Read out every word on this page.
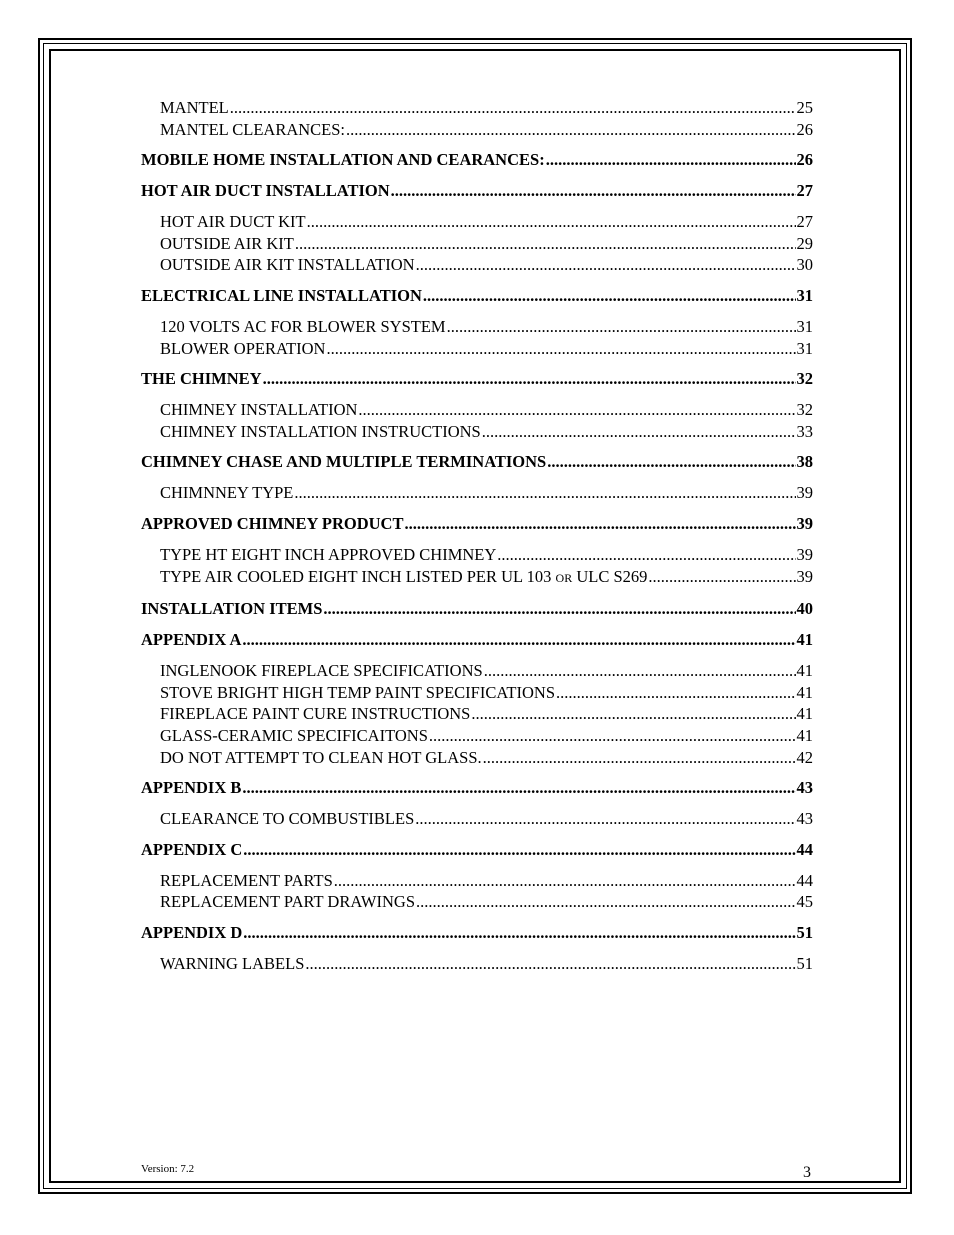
MANTEL .....	25
MANTEL CLEARANCES: .....	26
MOBILE HOME INSTALLATION AND CEARANCES: .....	26
HOT AIR DUCT INSTALLATION .....	27
HOT AIR DUCT KIT .....	27
OUTSIDE AIR KIT .....	29
OUTSIDE AIR KIT INSTALLATION .....	30
ELECTRICAL LINE INSTALLATION .....	31
120 VOLTS AC FOR BLOWER SYSTEM .....	31
BLOWER OPERATION .....	31
THE CHIMNEY .....	32
CHIMNEY INSTALLATION .....	32
CHIMNEY INSTALLATION INSTRUCTIONS .....	33
CHIMNEY CHASE AND MULTIPLE TERMINATIONS .....	38
CHIMNNEY TYPE .....	39
APPROVED CHIMNEY PRODUCT .....	39
TYPE HT EIGHT INCH APPROVED CHIMNEY .....	39
TYPE AIR COOLED EIGHT INCH LISTED PER UL 103 OR ULC S269 .....	39
INSTALLATION ITEMS .....	40
APPENDIX A .....	41
INGLENOOK FIREPLACE SPECIFICATIONS .....	41
STOVE BRIGHT HIGH TEMP PAINT SPECIFICATIONS .....	41
FIREPLACE PAINT CURE INSTRUCTIONS .....	41
GLASS-CERAMIC SPECIFICAITONS .....	41
DO NOT ATTEMPT TO CLEAN HOT GLASS. .....	42
APPENDIX B .....	43
CLEARANCE TO COMBUSTIBLES .....	43
APPENDIX C .....	44
REPLACEMENT PARTS .....	44
REPLACEMENT PART DRAWINGS .....	45
APPENDIX D .....	51
WARNING LABELS .....	51
Version: 7.2	3
